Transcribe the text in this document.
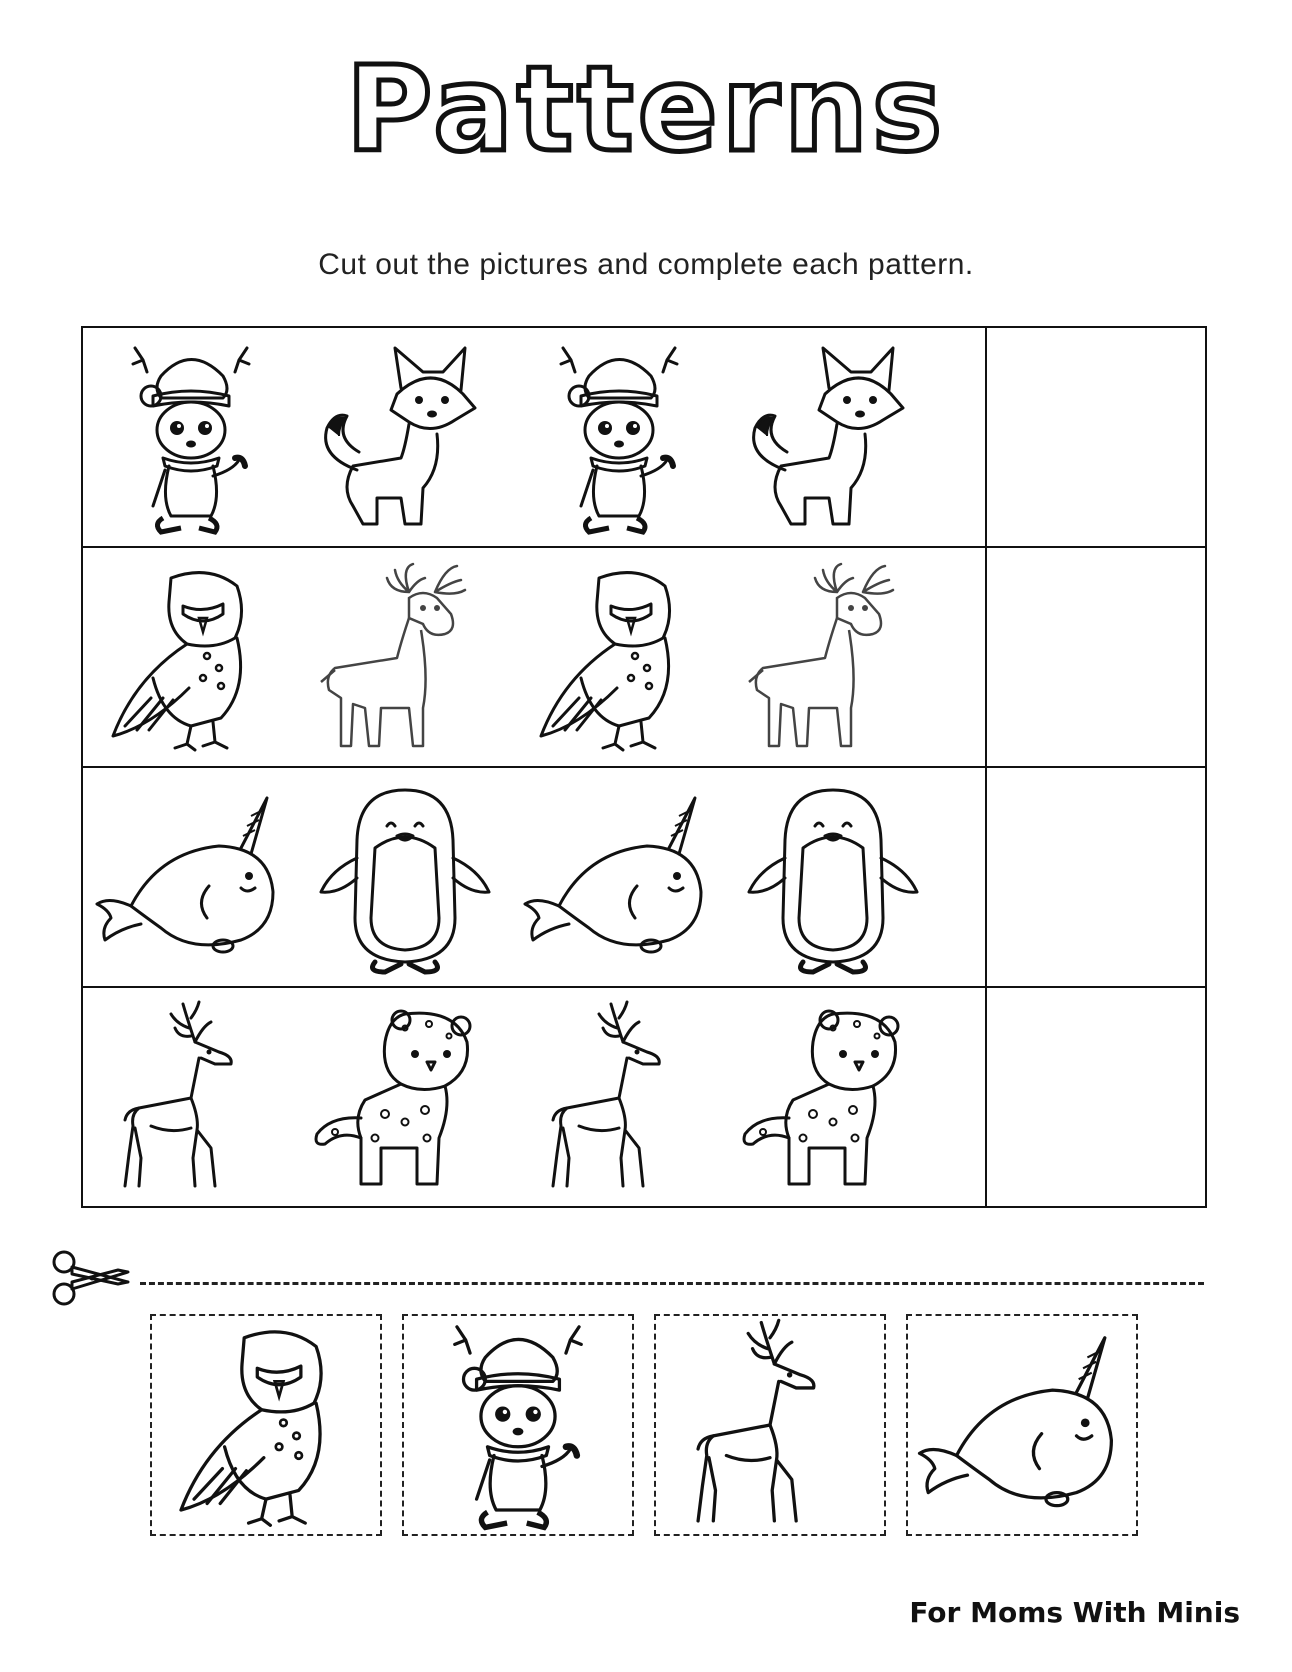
Patterns
Cut out the pictures and complete each pattern.
For Moms With Minis
